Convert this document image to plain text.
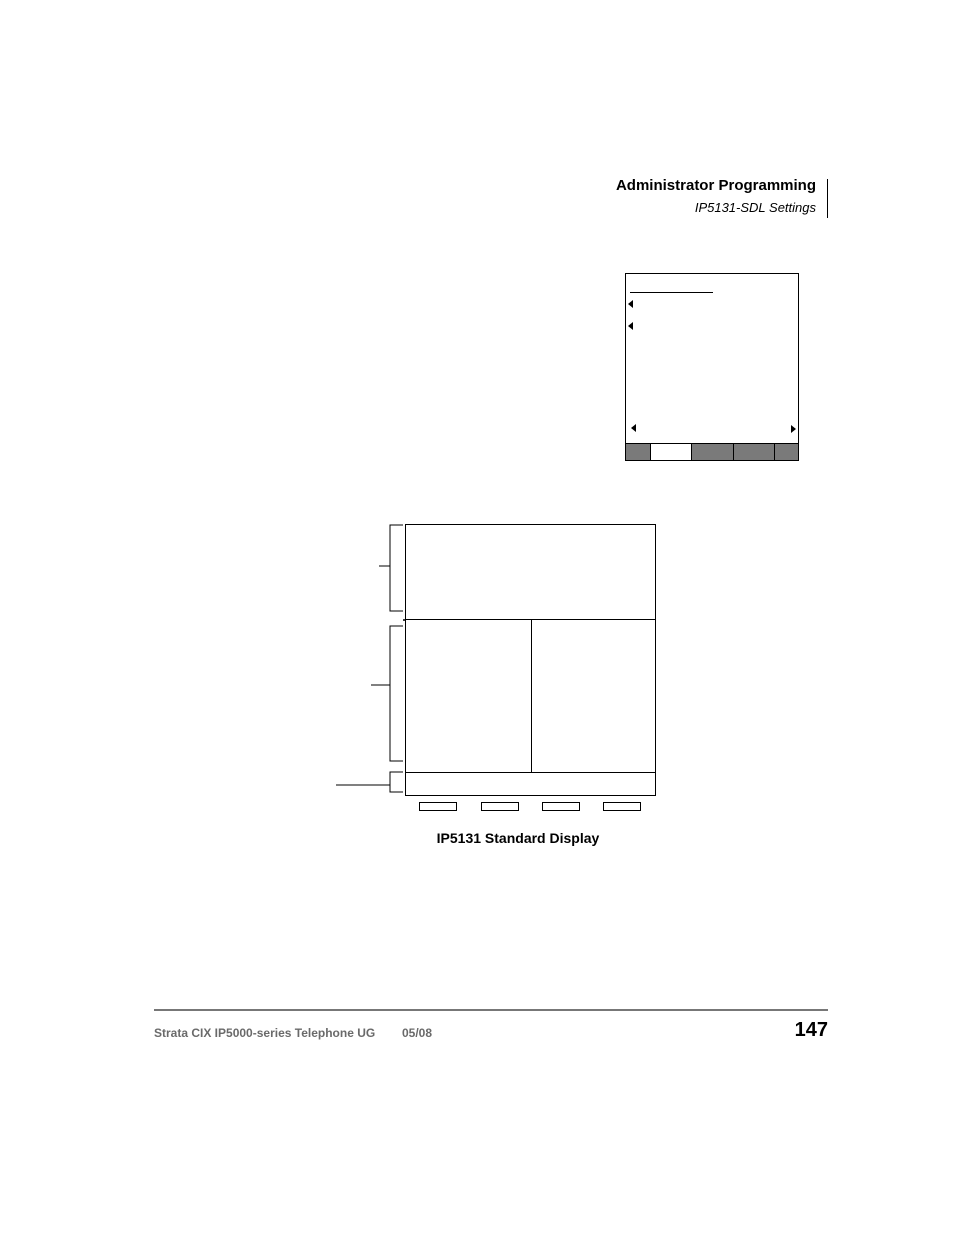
Administrator Programming
IP5131-SDL Settings
IP5131 Standard Display
Strata CIX IP5000-series Telephone UG 05/08	147
